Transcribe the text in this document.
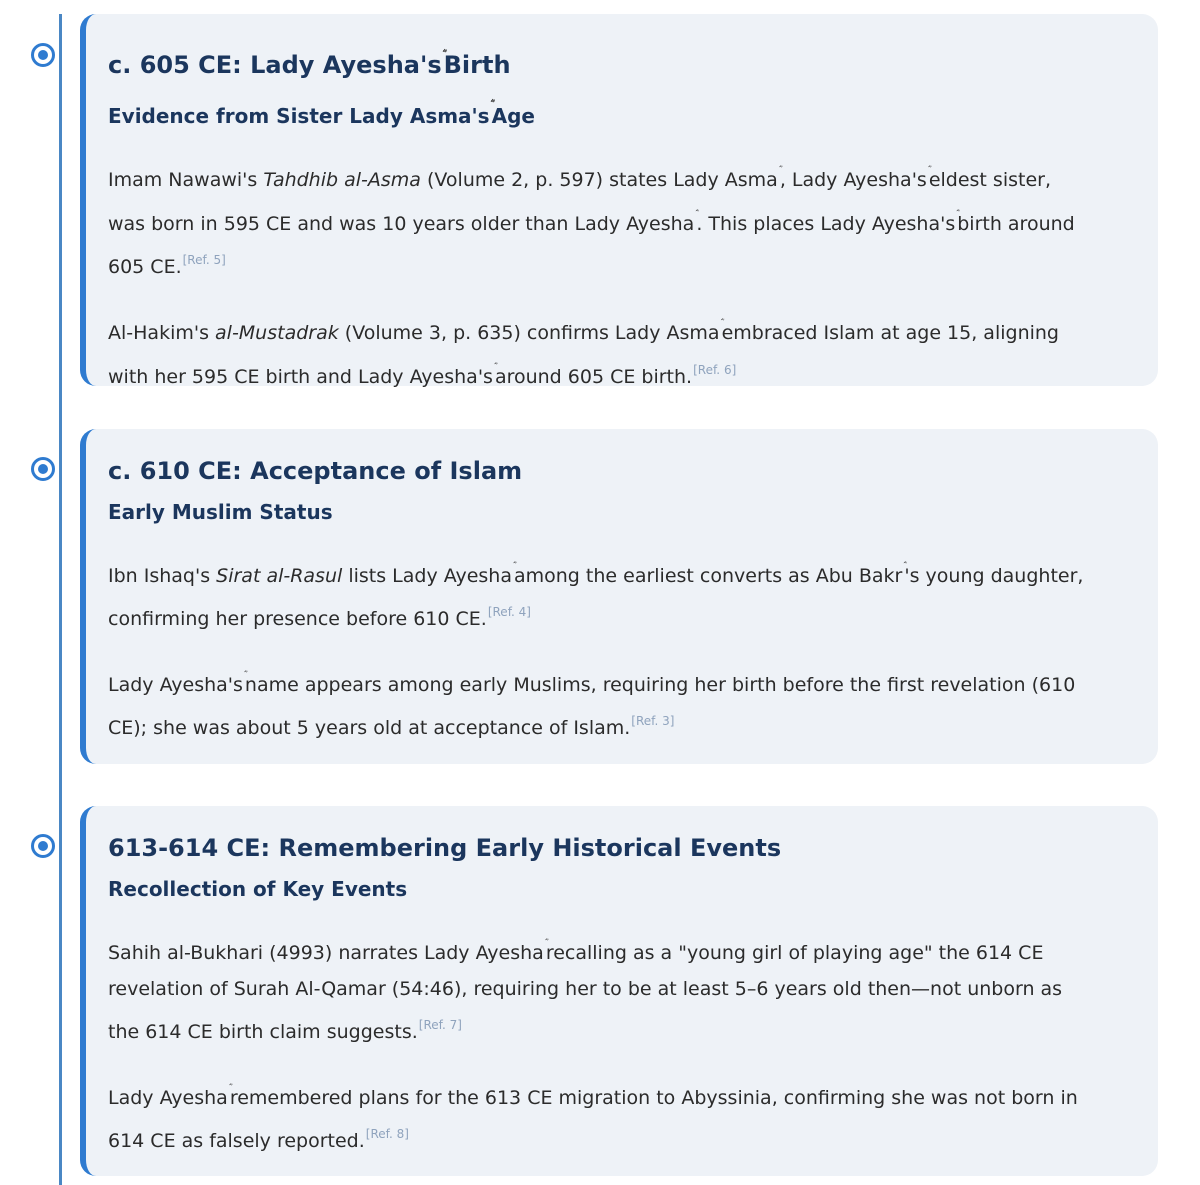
c. 605 CE: Lady Ayesha'sBirth
Evidence from Sister Lady Asma's Age

Imam Nawawi's Tahdhib al-Asma (Volume 2, p. 597) states Lady Asma , Lady Ayesha's eldest sister,
was born in 595 CE and was 10 years older than Lady Ayesha . This places Lady Ayesha's birth around
605 CE.[Ref. 5]

Al-Hakim's al-Mustadrak (Volume 3, p. 635) confirms Lady Asma embraced Islam at age 15, aligning
with her 595 CE birth and Lady Ayesha's around 605 CE birth.[Ref. 6]

c. 610 CE: Acceptance of Islam
Early Muslim Status

Ibn Ishaq's Sirat al-Rasul lists Lady Ayesha among the earliest converts as Abu Bakr 's young daughter,
confirming her presence before 610 CE.[Ref. 4]

Lady Ayesha's name appears among early Muslims, requiring her birth before the first revelation (610
CE); she was about 5 years old at acceptance of Islam.[Ref. 3]

613-614 CE: Remembering Early Historical Events
Recollection of Key Events

Sahih al-Bukhari (4993) narrates Lady Ayesha recalling as a "young girl of playing age" the 614 CE
revelation of Surah Al-Qamar (54:46), requiring her to be at least 5–6 years old then—not unborn as
the 614 CE birth claim suggests.[Ref. 7]

Lady Ayesha remembered plans for the 613 CE migration to Abyssinia, confirming she was not born in
614 CE as falsely reported.[Ref. 8]
